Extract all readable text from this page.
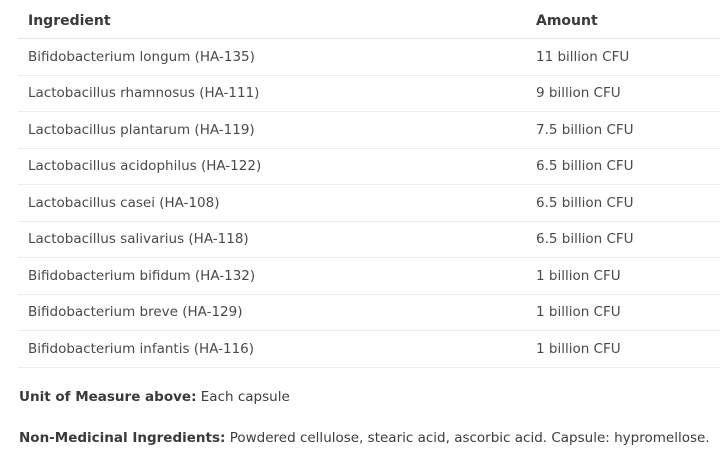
Ingredient	Amount
Bifidobacterium longum (HA-135)	11 billion CFU
Lactobacillus rhamnosus (HA-111)	9 billion CFU
Lactobacillus plantarum (HA-119)	7.5 billion CFU
Lactobacillus acidophilus (HA-122)	6.5 billion CFU
Lactobacillus casei (HA-108)	6.5 billion CFU
Lactobacillus salivarius (HA-118)	6.5 billion CFU
Bifidobacterium bifidum (HA-132)	1 billion CFU
Bifidobacterium breve (HA-129)	1 billion CFU
Bifidobacterium infantis (HA-116)	1 billion CFU
Unit of Measure above: Each capsule
Non-Medicinal Ingredients: Powdered cellulose, stearic acid, ascorbic acid. Capsule: hypromellose.
